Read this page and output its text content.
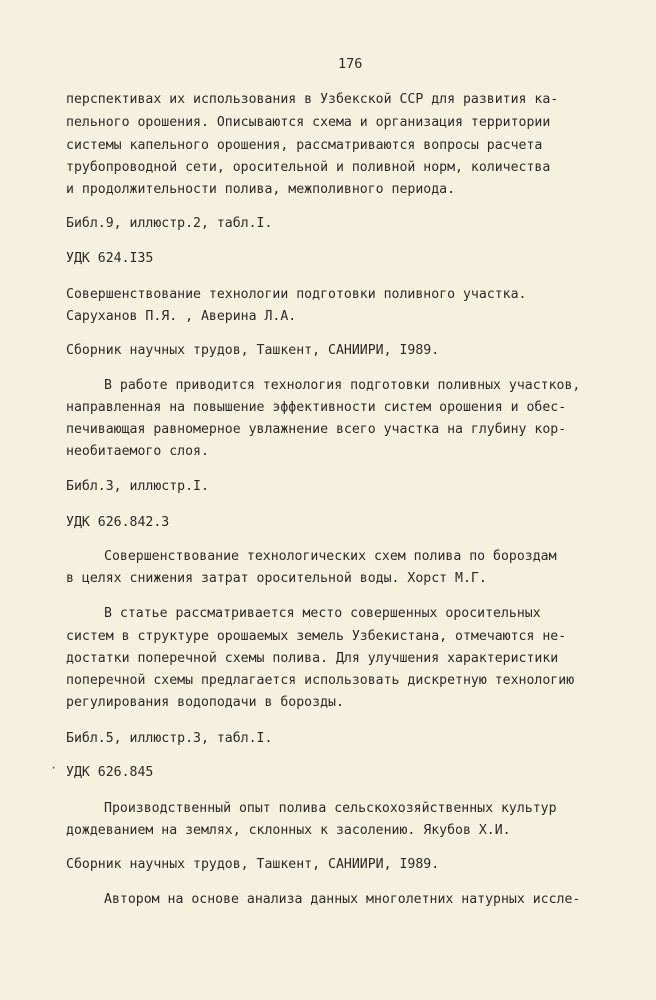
176
·
перспективах их использования в Узбекской ССР для развития ка-
пельного орошения. Описываются схема и организация территории
системы капельного орошения, рассматриваются вопросы расчета
трубопроводной сети, оросительной и поливной норм, количества
и продолжительности полива, межполивного периода.
Библ.9, иллюстр.2, табл.I.
УДК 624.I35
Совершенствование технологии подготовки поливного участка.
Саруханов П.Я. , Аверина Л.А.
Сборник научных трудов, Ташкент, САНИИРИ, I989.
В работе приводится технология подготовки поливных участков,
направленная на повышение эффективности систем орошения и обес-
печивающая равномерное увлажнение всего участка на глубину кор-
необитаемого слоя.
Библ.3, иллюстр.I.
УДК 626.842.3
Совершенствование технологических схем полива по бороздам
в целях снижения затрат оросительной воды. Хорст М.Г.
В статье рассматривается место совершенных оросительных
систем в структуре орошаемых земель Узбекистана, отмечаются не-
достатки поперечной схемы полива. Для улучшения характеристики
поперечной схемы предлагается использовать дискретную технологию
регулирования водоподачи в борозды.
Библ.5, иллюстр.3, табл.I.
УДК 626.845
Производственный опыт полива сельскохозяйственных культур
дождеванием на землях, склонных к засолению. Якубов Х.И.
Сборник научных трудов, Ташкент, САНИИРИ, I989.
Автором на основе анализа данных многолетних натурных иссле-
